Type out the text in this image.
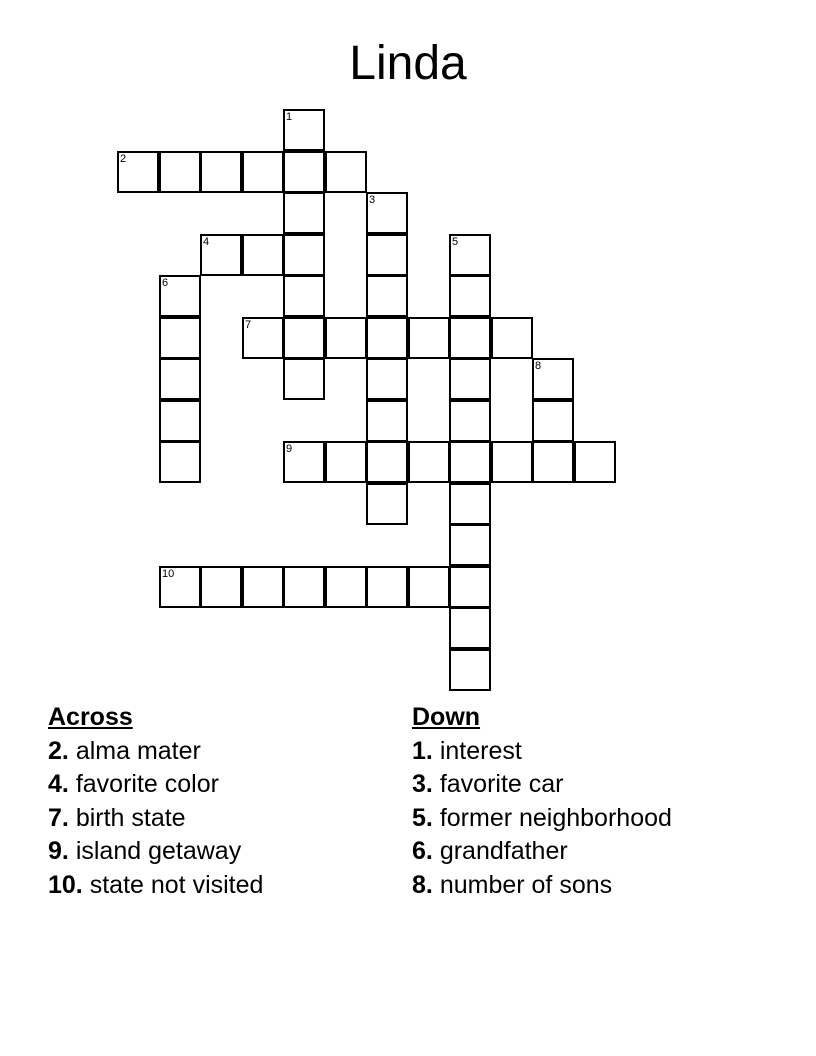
Linda
1
2
3
4	5
6
7
8
9
10
Across
2. alma mater
4. favorite color
7. birth state
9. island getaway
10. state not visited
Down
1. interest
3. favorite car
5. former neighborhood
6. grandfather
8. number of sons
